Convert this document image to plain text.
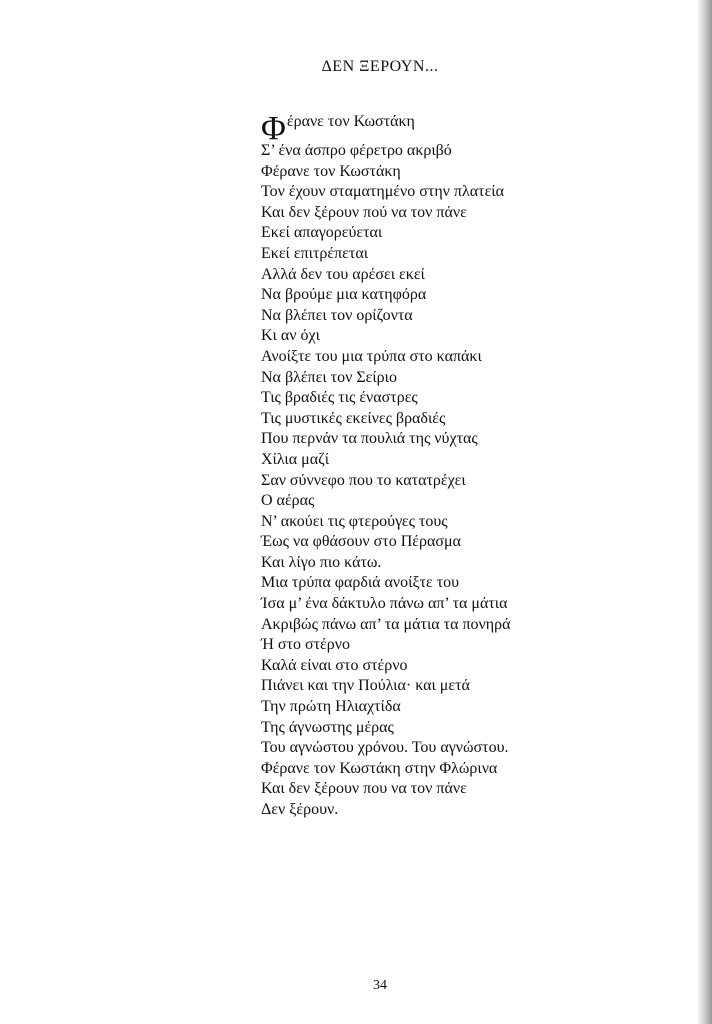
ΔΕΝ ΞΕΡΟΥΝ...
Φ έρανε τον Κωστάκη
Σ’ ένα άσπρο φέρετρο ακριβό
Φέρανε τον Κωστάκη
Τον έχουν σταματημένο στην πλατεία
Και δεν ξέρουν πού να τον πάνε
Εκεί απαγορεύεται
Εκεί επιτρέπεται
Αλλά δεν του αρέσει εκεί
Να βρούμε μια κατηφόρα
Να βλέπει τον ορίζοντα
Κι αν όχι
Ανοίξτε του μια τρύπα στο καπάκι
Να βλέπει τον Σείριο
Τις βραδιές τις έναστρες
Τις μυστικές εκείνες βραδιές
Που περνάν τα πουλιά της νύχτας
Χίλια μαζί
Σαν σύννεφο που το κατατρέχει
Ο αέρας
Ν’ ακούει τις φτερούγες τους
Έως να φθάσουν στο Πέρασμα
Και λίγο πιο κάτω.
Μια τρύπα φαρδιά ανοίξτε του
Ίσα μ’ ένα δάκτυλο πάνω απ’ τα μάτια
Ακριβώς πάνω απ’ τα μάτια τα πονηρά
Ή στο στέρνο
Καλά είναι στο στέρνο
Πιάνει και την Πούλια· και μετά
Την πρώτη Ηλιαχτίδα
Της άγνωστης μέρας
Του αγνώστου χρόνου. Του αγνώστου.
Φέρανε τον Κωστάκη στην Φλώρινα
Και δεν ξέρουν που να τον πάνε
Δεν ξέρουν.
34
